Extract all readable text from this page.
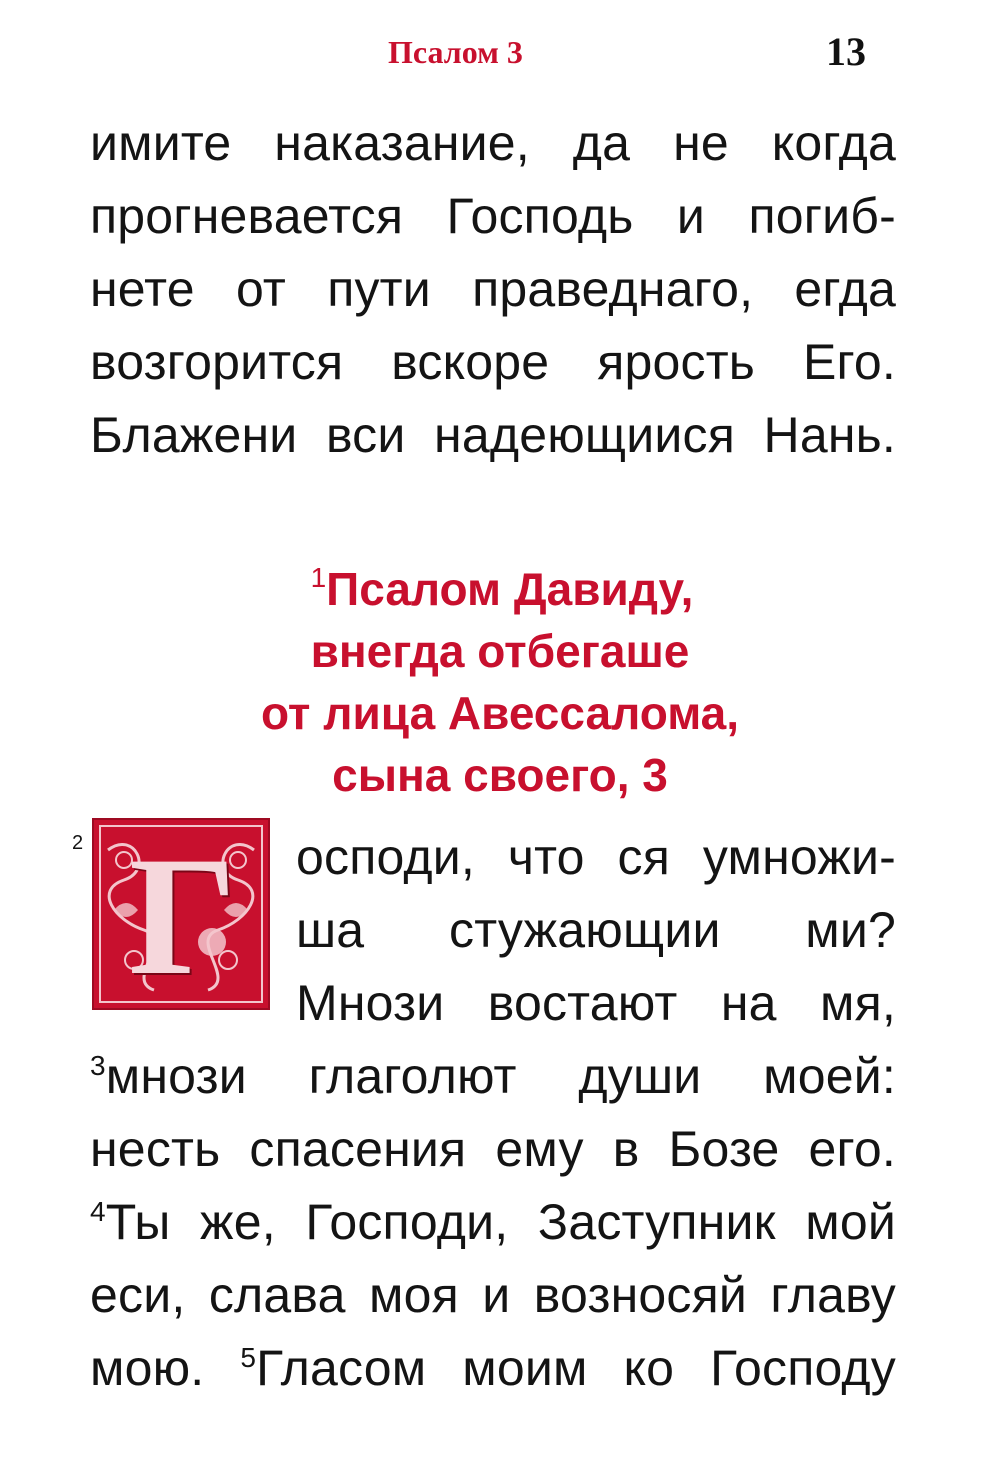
Псалом 3	13
имите наказание, да не когда
прогневается Господь и погиб-
нете от пути праведнаго, егда
возгорится вскоре ярость Его.
Блажени вси надеющиися Нань.
$^1$Псалом Давиду,
внегда отбегаше
от лица Авессалома,
сына своего, 3
2 Г	осподи, что ся умножи-
ша стужающии ми?
Мнози востают на мя,
$^3$мнози глаголют души моей:
несть спасения ему в Бозе его.
$^4$Ты же, Господи, Заступник мой
еси, слава моя и возносяй главу
мою. $^5$Гласом моим ко Господу
